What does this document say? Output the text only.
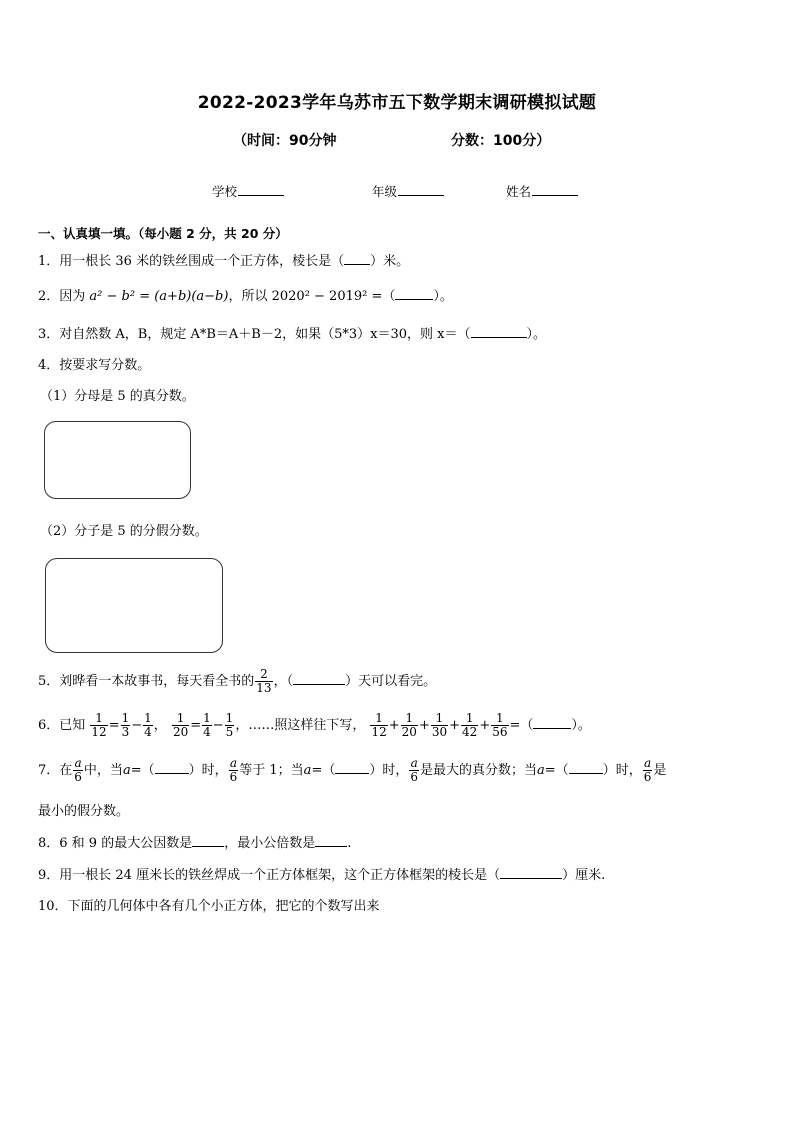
2022-2023学年乌苏市五下数学期末调研模拟试题
（时间：90分钟	分数：100分）
学校	年级	姓名
一、认真填一填。（每小题 2 分，共 20 分）
1．用一根长 36 米的铁丝围成一个正方体，棱长是（ ）米。
2．因为 a² − b² = (a+b)(a−b)，所以 2020² − 2019² =（	）。
3．对自然数 A，B，规定 A*B＝A＋B－2，如果（5*3）x＝30，则 x＝（	）。
4．按要求写分数。
（1）分母是 5 的真分数。
（2）分子是 5 的分假分数。
5．刘晔看一本故事书，每天看全书的 $\frac{2}{13}$ ，（	）天可以看完。
6．已知 $\frac{1}{12} = \frac{1}{3} - \frac{1}{4}$ ， $\frac{1}{20} = \frac{1}{4} - \frac{1}{5}$ ，……照这样往下写， $\frac{1}{12} + \frac{1}{20} + \frac{1}{30} + \frac{1}{42} + \frac{1}{56}$ =（	）。
7．在 $\frac{a}{6}$ 中，当a=（	）时， $\frac{a}{6}$ 等于 1；当a=（	）时， $\frac{a}{6}$ 是最大的真分数；当a=（	）时， $\frac{a}{6}$ 是
最小的假分数。
8．6 和 9 的最大公因数是 ，最小公倍数是 .
9．用一根长 24 厘米长的铁丝焊成一个正方体框架，这个正方体框架的棱长是（	）厘米.
10．下面的几何体中各有几个小正方体，把它的个数写出来
